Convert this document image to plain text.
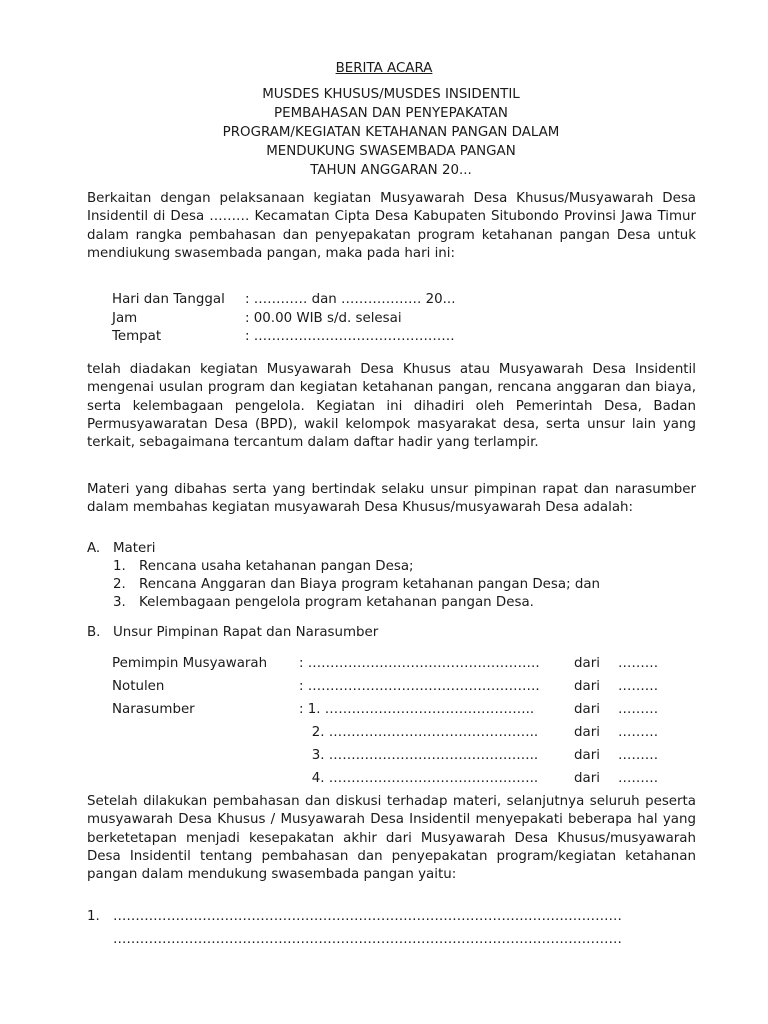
BERITA ACARA
MUSDES KHUSUS/MUSDES INSIDENTIL
PEMBAHASAN DAN PENYEPAKATAN
PROGRAM/KEGIATAN KETAHANAN PANGAN DALAM
MENDUKUNG SWASEMBADA PANGAN
TAHUN ANGGARAN 20...

Berkaitan dengan pelaksanaan kegiatan Musyawarah Desa Khusus/Musyawarah Desa Insidentil di Desa ……… Kecamatan Cipta Desa Kabupaten Situbondo Provinsi Jawa Timur dalam rangka pembahasan dan penyepakatan program ketahanan pangan Desa untuk mendiukung swasembada pangan, maka pada hari ini:

Hari dan Tanggal	: ………… dan ……………… 20...
Jam	: 00.00 WIB s/d. selesai
Tempat	: ………………………………………

telah diadakan kegiatan Musyawarah Desa Khusus atau Musyawarah Desa Insidentil mengenai usulan program dan kegiatan ketahanan pangan, rencana anggaran dan biaya, serta kelembagaan pengelola. Kegiatan ini dihadiri oleh Pemerintah Desa, Badan Permusyawaratan Desa (BPD), wakil kelompok masyarakat desa, serta unsur lain yang terkait, sebagaimana tercantum dalam daftar hadir yang terlampir.

Materi yang dibahas serta yang bertindak selaku unsur pimpinan rapat dan narasumber dalam membahas kegiatan musyawarah Desa Khusus/musyawarah Desa adalah:

A. Materi
1. Rencana usaha ketahanan pangan Desa;
2. Rencana Anggaran dan Biaya program ketahanan pangan Desa; dan
3. Kelembagaan pengelola program ketahanan pangan Desa.
B. Unsur Pimpinan Rapat dan Narasumber
Pemimpin Musyawarah	: …………………………………………….	dari	………
Notulen	: …………………………………………….	dari	………
Narasumber	: 1. ………………………………………..	dari	………
2. ………………………………………..	dari	………
3. ………………………………………..	dari	………
4. ………………………………………..	dari	………

Setelah dilakukan pembahasan dan diskusi terhadap materi, selanjutnya seluruh peserta musyawarah Desa Khusus / Musyawarah Desa Insidentil menyepakati beberapa hal yang berketetapan menjadi kesepakatan akhir dari Musyawarah Desa Khusus/musyawarah Desa Insidentil tentang pembahasan dan penyepakatan program/kegiatan ketahanan pangan dalam mendukung swasembada pangan yaitu:

1. ……………………………………………………………………………………………………
……………………………………………………………………………………………………
